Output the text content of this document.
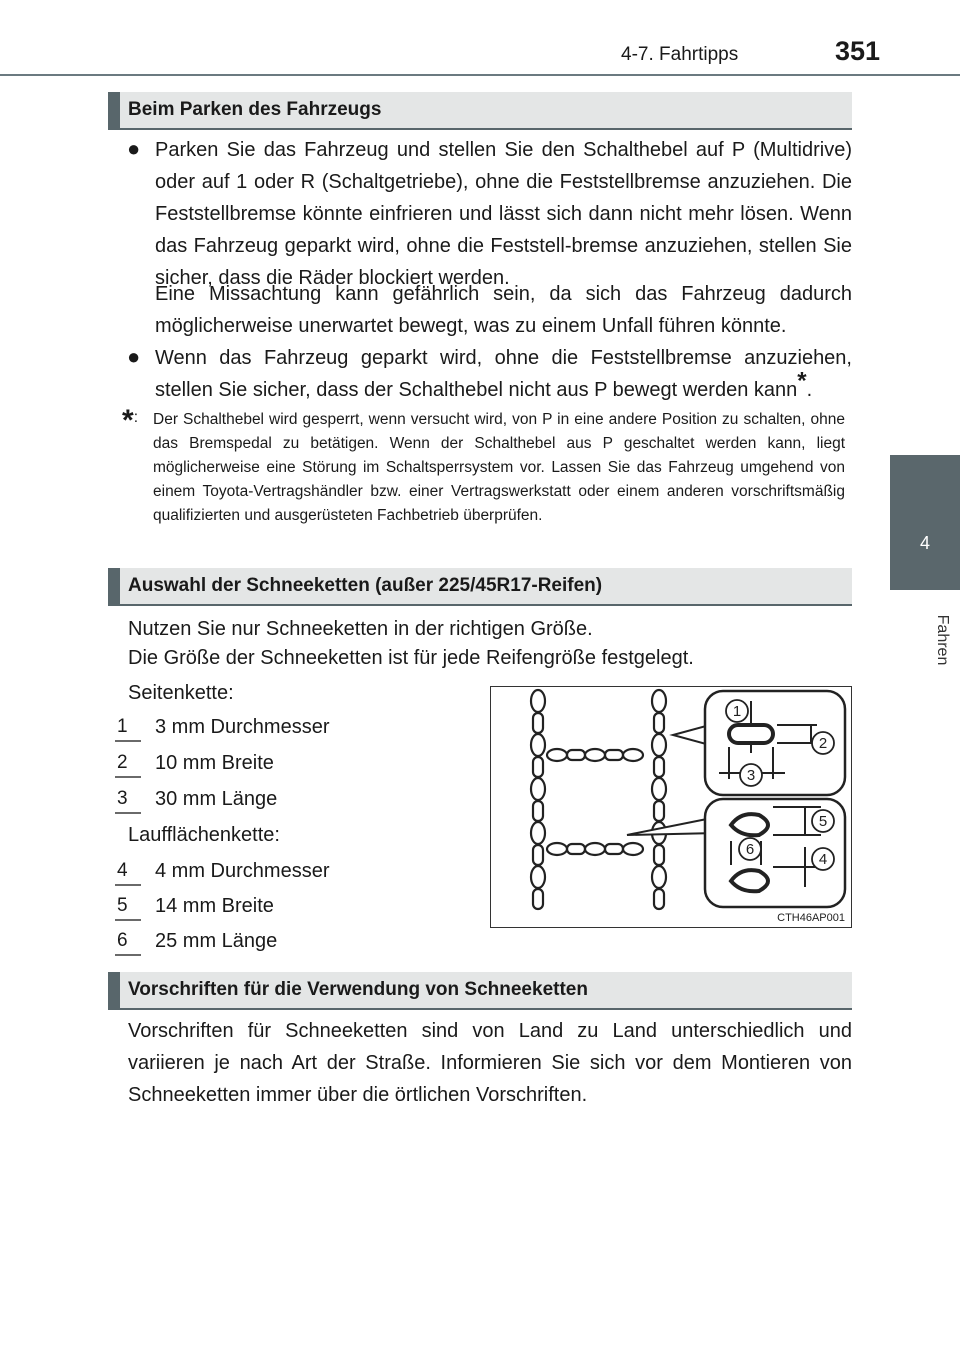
4-7. Fahrtipps	351
4
Fahren
Beim Parken des Fahrzeugs
● Parken Sie das Fahrzeug und stellen Sie den Schalthebel auf P (Multidrive) oder auf 1 oder R (Schaltgetriebe), ohne die Feststellbremse anzuziehen. Die Feststellbremse könnte einfrieren und lässt sich dann nicht mehr lösen. Wenn das Fahrzeug geparkt wird, ohne die Feststell-bremse anzuziehen, stellen Sie sicher, dass die Räder blockiert werden.
Eine Missachtung kann gefährlich sein, da sich das Fahrzeug dadurch möglicherweise unerwartet bewegt, was zu einem Unfall führen könnte.
● Wenn das Fahrzeug geparkt wird, ohne die Feststellbremse anzuziehen, stellen Sie sicher, dass der Schalthebel nicht aus P bewegt werden kann*.
*: Der Schalthebel wird gesperrt, wenn versucht wird, von P in eine andere Position zu schalten, ohne das Bremspedal zu betätigen. Wenn der Schalthebel aus P geschaltet werden kann, liegt möglicherweise eine Störung im Schaltsperrsystem vor. Lassen Sie das Fahrzeug umgehend von einem Toyota-Vertragshändler bzw. einer Vertragswerkstatt oder einem anderen vorschriftsmäßig qualifizierten und ausgerüsteten Fachbetrieb überprüfen.
Auswahl der Schneeketten (außer 225/45R17-Reifen)
Nutzen Sie nur Schneeketten in der richtigen Größe.
Die Größe der Schneeketten ist für jede Reifengröße festgelegt.
Seitenkette:
1 3 mm Durchmesser
2 10 mm Breite
3 30 mm Länge
Laufflächenkette:
4 4 mm Durchmesser
5 14 mm Breite
6 25 mm Länge
1
2
3
5
6
4
CTH46AP001
Vorschriften für die Verwendung von Schneeketten
Vorschriften für Schneeketten sind von Land zu Land unterschiedlich und variieren je nach Art der Straße. Informieren Sie sich vor dem Montieren von Schneeketten immer über die örtlichen Vorschriften.
